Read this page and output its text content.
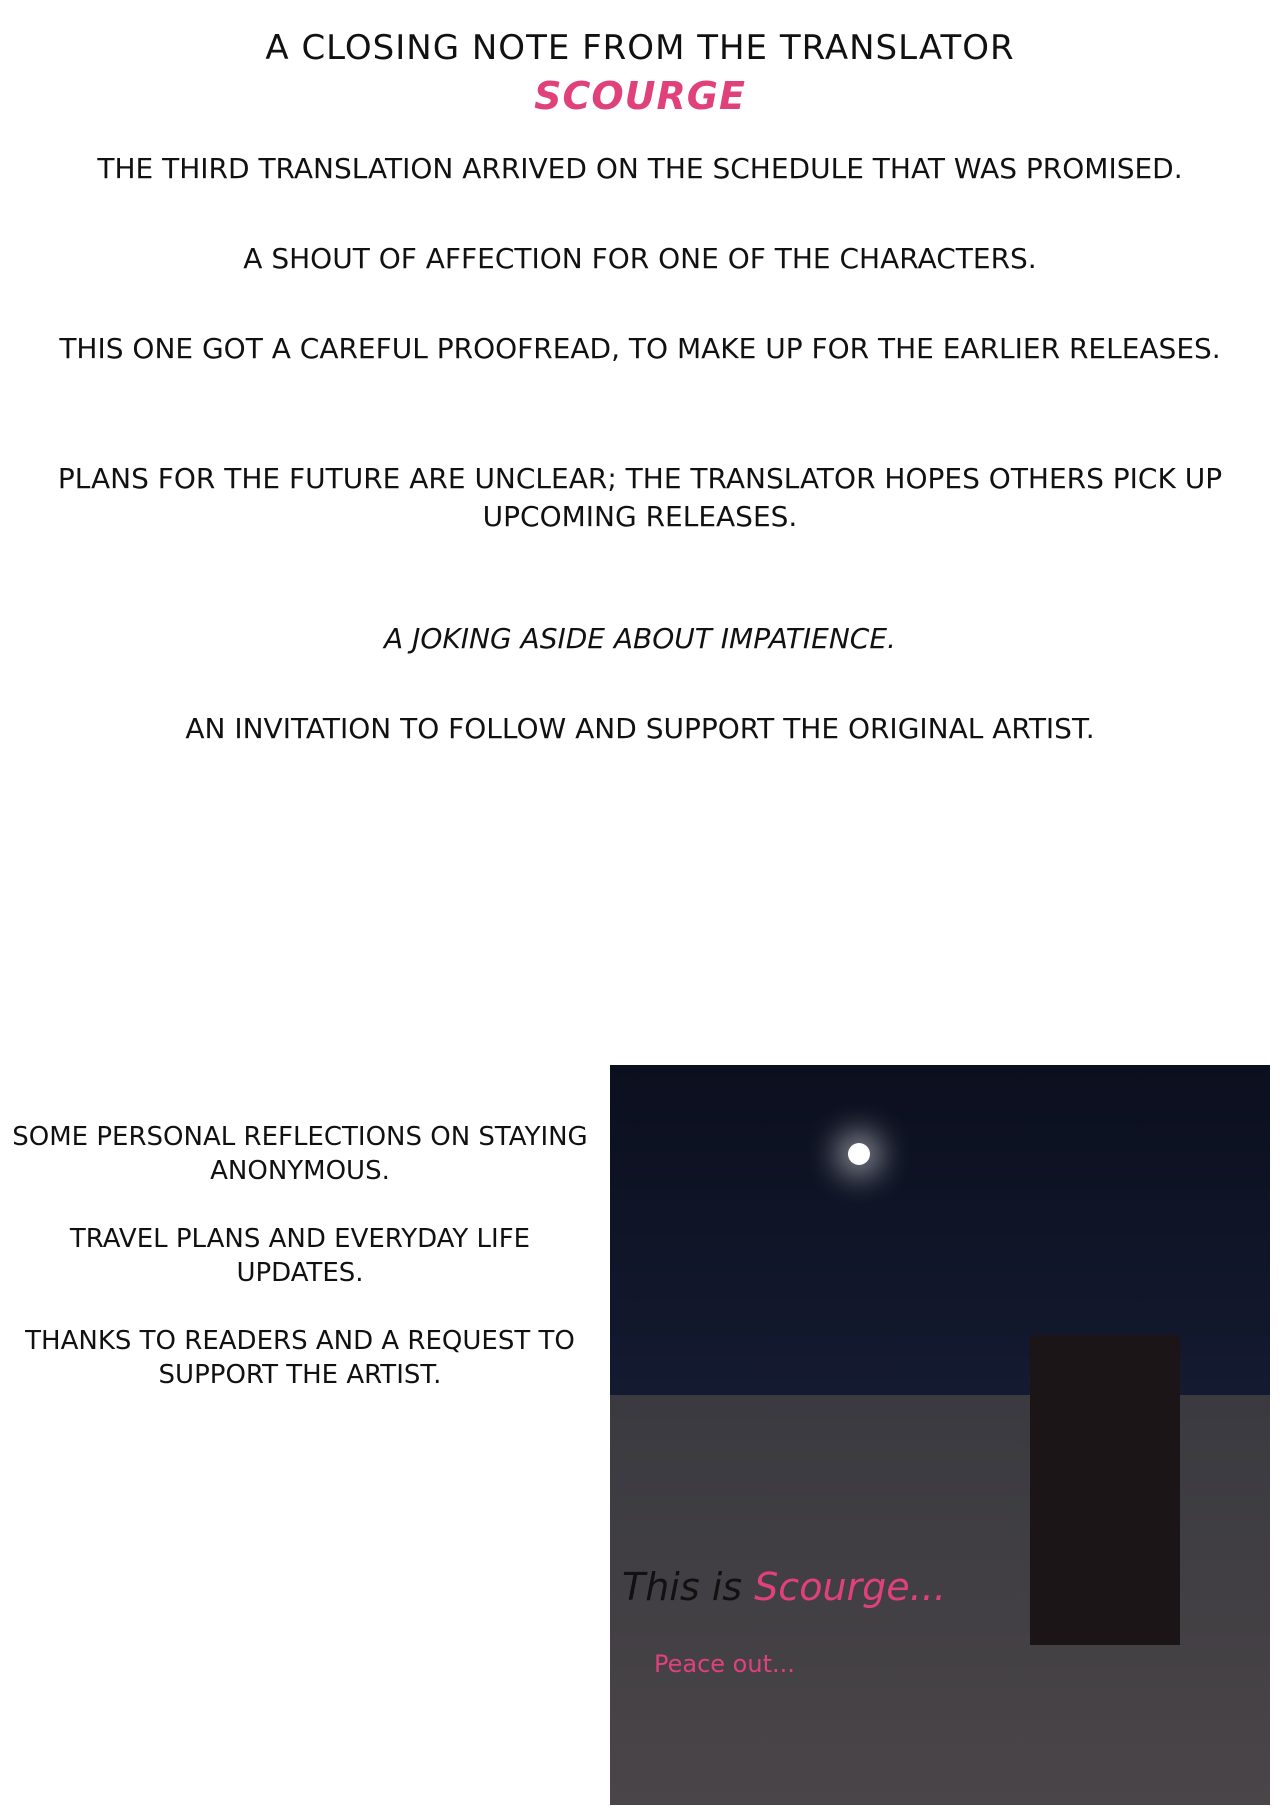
A CLOSING NOTE FROM THE TRANSLATOR
SCOURGE
THE THIRD TRANSLATION ARRIVED ON THE SCHEDULE THAT WAS PROMISED.
A SHOUT OF AFFECTION FOR ONE OF THE CHARACTERS.
THIS ONE GOT A CAREFUL PROOFREAD, TO MAKE UP FOR THE EARLIER RELEASES.
PLANS FOR THE FUTURE ARE UNCLEAR; THE TRANSLATOR HOPES OTHERS PICK UP UPCOMING RELEASES.
A JOKING ASIDE ABOUT IMPATIENCE.
AN INVITATION TO FOLLOW AND SUPPORT THE ORIGINAL ARTIST.

SOME PERSONAL REFLECTIONS ON STAYING ANONYMOUS.

TRAVEL PLANS AND EVERYDAY LIFE UPDATES.

THANKS TO READERS AND A REQUEST TO SUPPORT THE ARTIST.

This is Scourge...
Peace out...
